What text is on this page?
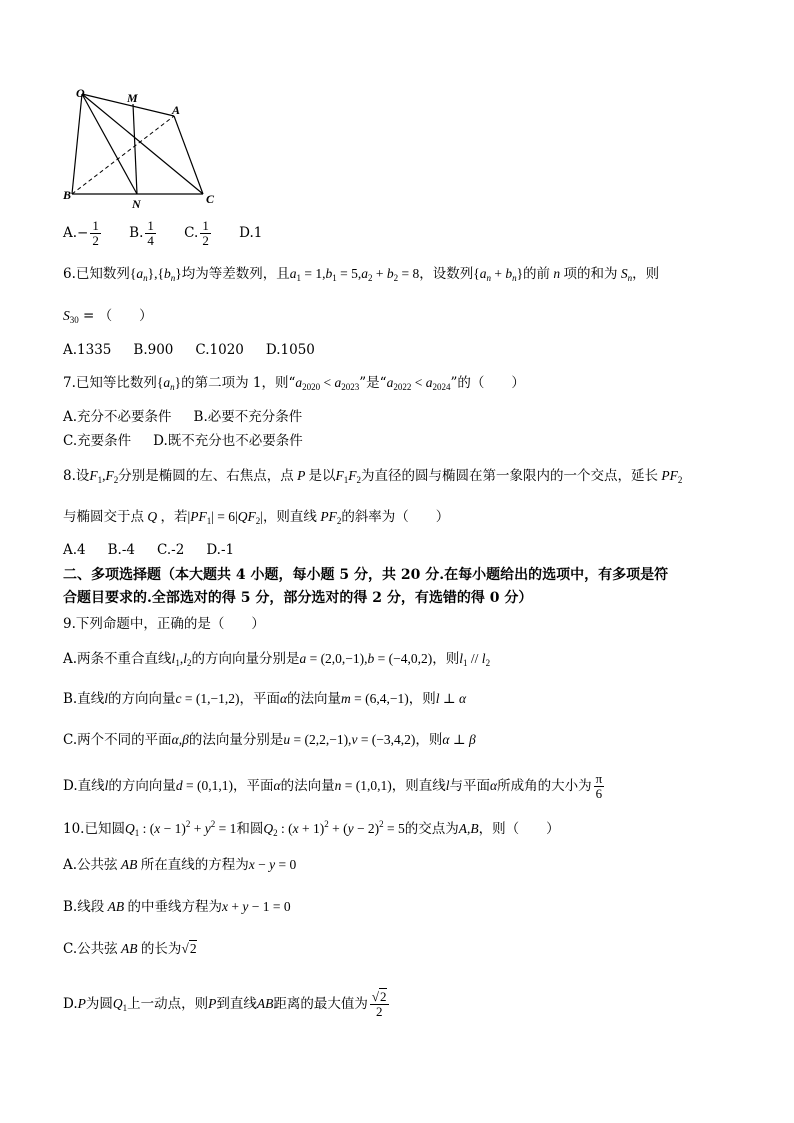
O	M
A
B
N	C
$A.- \frac{1}{2} B$. $\frac{1}{4} C$. $\frac{1}{2} D.1$
6.已知数列$\{a_n\},\{b_n\}$均为等差数列，且$a_1 = 1,b_1 = 5,a_2 + b_2 = 8$，设数列$\{a_n + b_n\}$的前 n 项的和为 $S_n$，则
$S_{30}$ = （　　）
A.1335 B.900 C.1020 D.1050
7.已知等比数列$\{a_n\}$的第二项为 1，则“$a_{2020} < a_{2023}$”是“$a_{2022} < a_{2024}$”的（　　）
A.充分不必要条件 B.必要不充分条件
C.充要条件 D.既不充分也不必要条件
8.设$F_1,F_2$分别是椭圆的左、右焦点，点 P 是以$F_1F_2$为直径的圆与椭圆在第一象限内的一个交点，延长 $PF_2$
与椭圆交于点 Q ，若$|PF_1| = 6|QF_2|$，则直线 $PF_2$的斜率为（　　）
A.4 B.-4 C.-2 D.-1
二、多项选择题（本大题共 4 小题，每小题 5 分，共 20 分.在每小题给出的选项中，有多项是符
合题目要求的.全部选对的得 5 分，部分选对的得 2 分，有选错的得 0 分）
9.下列命题中，正确的是（　　）
A.两条不重合直线$l_1,l_2$的方向向量分别是a = (2,0,−1),b = (−4,0,2)，则$l_1 // l_2$
B.直线l的方向向量c = (1,−1,2)，平面α的法向量m = (6,4,−1)，则l ⊥ α
C.两个不同的平面α,β的法向量分别是u = (2,2,−1),v = (−3,4,2)，则α ⊥ β
D.直线l的方向向量d = (0,1,1)，平面α的法向量n = (1,0,1)，则直线l与平面α所成角的大小为 $\frac{\pi}{6}$
10.已知圆$Q_1$ : $(x - 1)^2 + y^2 = 1$和圆$Q_2$ : $(x + 1)^2 + (y - 2)^2 = 5$的交点为A,B，则（　　）
A.公共弦 AB 所在直线的方程为x − y = 0
B.线段 AB 的中垂线方程为x + y − 1 = 0
C.公共弦 AB 的长为√2
D.P为圆$Q_1$上一动点，则P到直线AB距离的最大值为 $\frac{√2}{2}$
